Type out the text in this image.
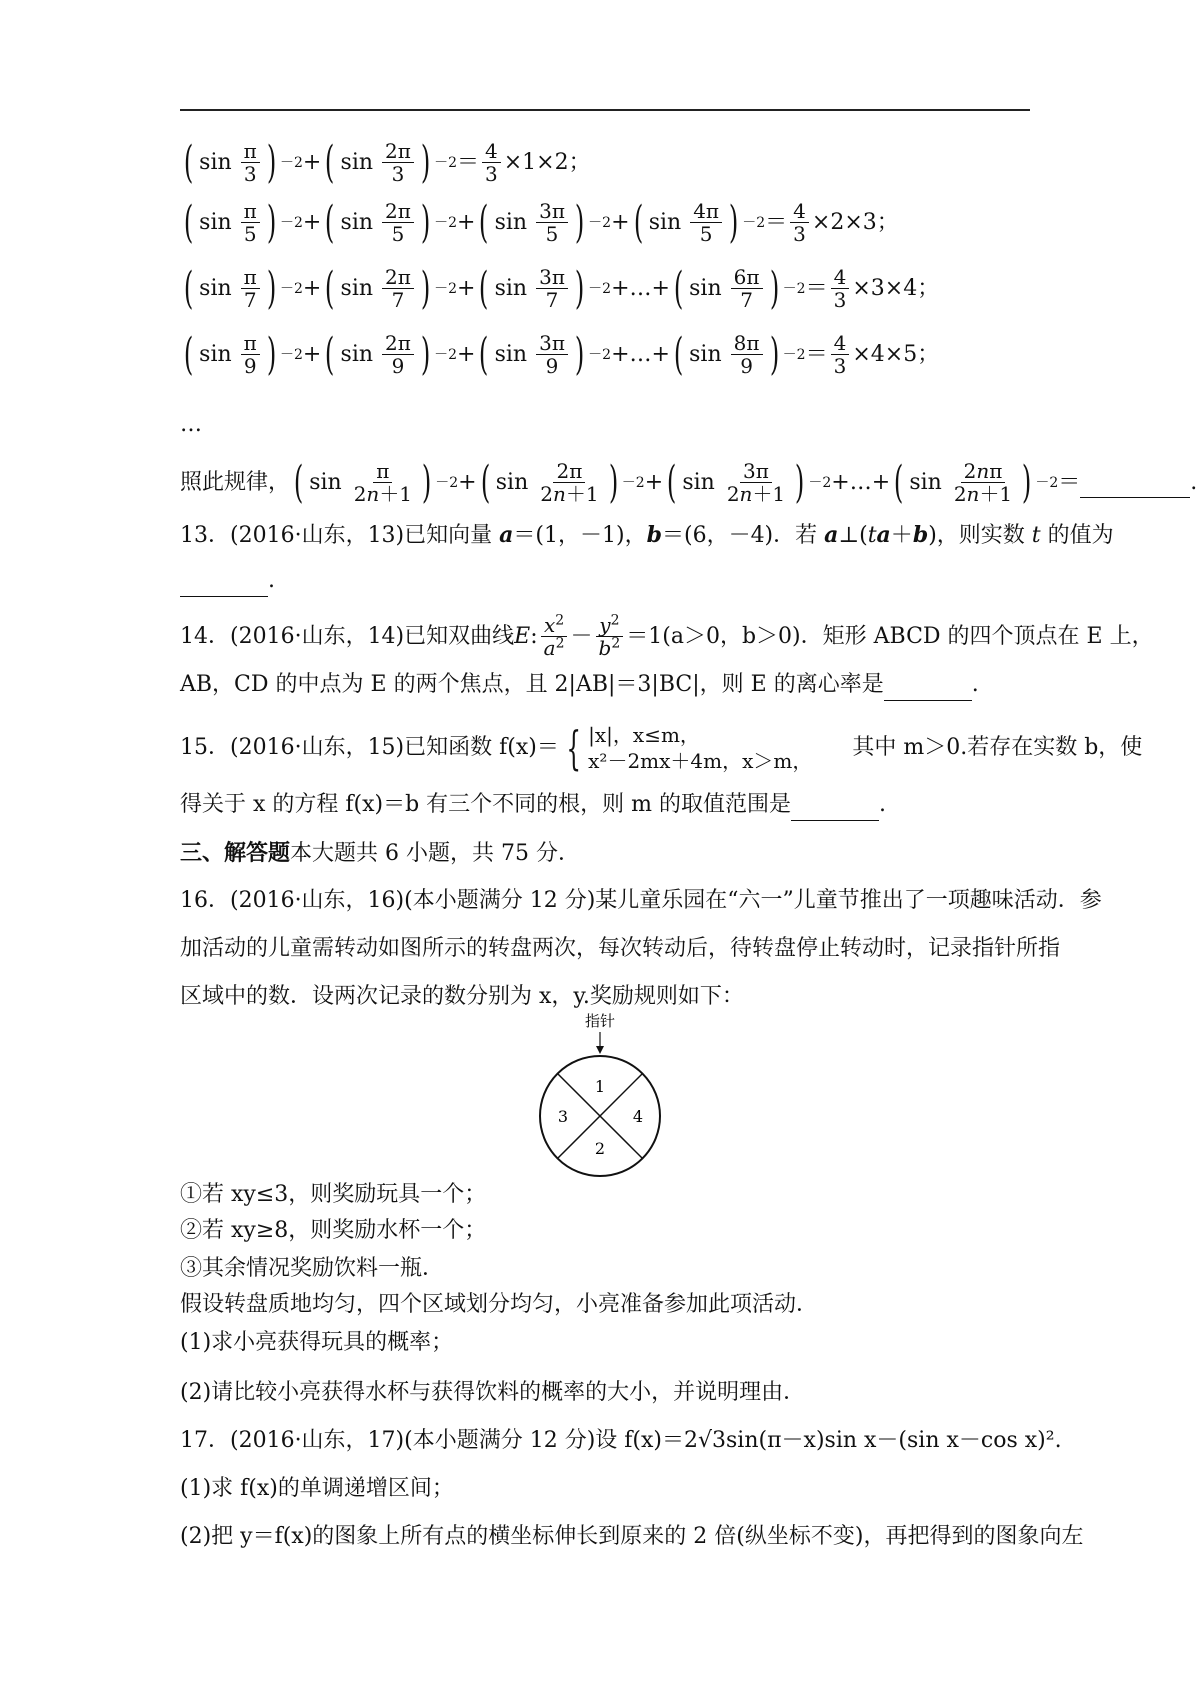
( $\sin \frac{\pi}{3}$ ) －2 + ( $\sin \frac{2\pi}{3}$ ) $-2 = \frac{4}{3} \times 1\times 2$；
( $\sin \frac{\pi}{5}$ ) －2 + ( $\sin \frac{2\pi}{5}$ ) －2 + ( $\sin \frac{3\pi}{5}$ ) －2 + ( $\sin \frac{4\pi}{5}$ ) $-2 = \frac{4}{3} \times 2\times 3$；
( $\sin \frac{\pi}{7}$ ) －2 + ( $\sin \frac{2\pi}{7}$ ) －2 + ( $\sin \frac{3\pi}{7}$ ) －2 +…+ ( $\sin \frac{6\pi}{7}$ ) $-2 = \frac{4}{3} \times 3\times 4$；
( $\sin \frac{\pi}{9}$ ) －2 + ( $\sin \frac{2\pi}{9}$ ) －2 + ( $\sin \frac{3\pi}{9}$ ) －2 +…+ ( $\sin \frac{8\pi}{9}$ ) $-2 = \frac{4}{3} \times 4\times 5$；
…
照此规律， ( $\sin \frac{\pi}{2n+1}$ ) －2 + ( $\sin \frac{2\pi}{2n+1}$ ) －2 + ( $\sin \frac{3\pi}{2n+1}$ ) －2 +…+ ( $\sin \frac{2n\pi}{2n+1}$ ) －2 ＝
	.
13．(2016·山东，13)已知向量 a＝(1，－1)，b＝(6，－4)．若 a⊥(ta＋b)，则实数 t 的值为
.
14． (2016·山东，14) 已知双曲线 E : $\frac{x^2}{a^2} - \frac{y^2}{b^2} =1(a>0$，b＞0)．矩形 ABCD 的四个顶点在 E 上，
AB，CD 的中点为 E 的两个焦点，且 2|AB|＝3|BC|，则 E 的离心率是	.
15． (2016·山东，15) 已知函数 f(x)＝ { |x|，x≤m，
x²－2mx＋4m，x＞m，
其中 m＞0.若存在实数 b，使
得关于 x 的方程 f(x)＝b 有三个不同的根，则 m 的取值范围是	.
三、解答题本大题共 6 小题，共 75 分．
16．(2016·山东，16)(本小题满分 12 分)某儿童乐园在“六一”儿童节推出了一项趣味活动．参
加活动的儿童需转动如图所示的转盘两次，每次转动后，待转盘停止转动时，记录指针所指
区域中的数．设两次记录的数分别为 x，y.奖励规则如下：
指针
1
4
2
3
①若 xy≤3，则奖励玩具一个；
②若 xy≥8，则奖励水杯一个；
③其余情况奖励饮料一瓶．
假设转盘质地均匀，四个区域划分均匀，小亮准备参加此项活动．
(1)求小亮获得玩具的概率；
(2)请比较小亮获得水杯与获得饮料的概率的大小，并说明理由．
17．(2016·山东，17)(本小题满分 12 分)设 f(x)＝2√3sin(π－x)sin x－(sin x－cos x)².
(1)求 f(x)的单调递增区间；
(2)把 y＝f(x)的图象上所有点的横坐标伸长到原来的 2 倍(纵坐标不变)，再把得到的图象向左
